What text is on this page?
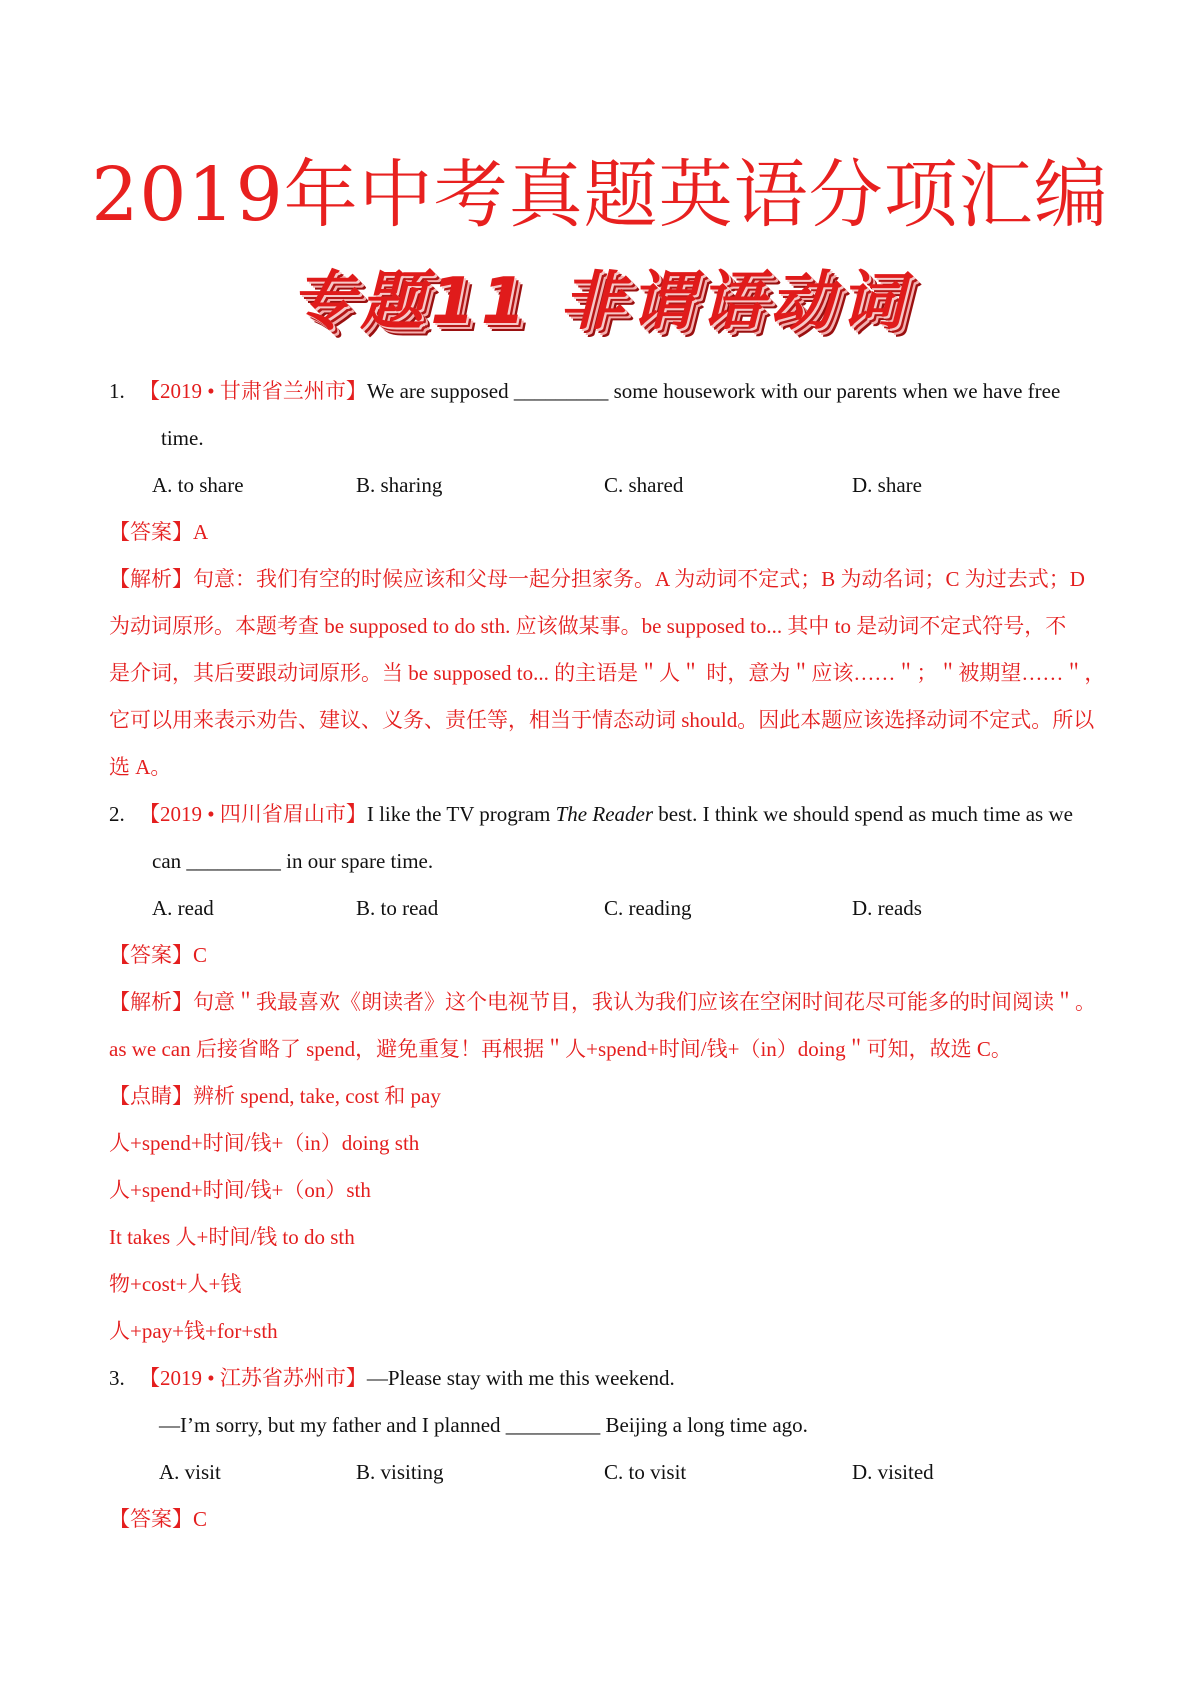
2019年中考真题英语分项汇编
专题11 非谓语动词
1. 【2019 • 甘肃省兰州市】We are supposed _________ some housework with our parents when we have free
time.
A. to share	B. sharing	C. shared	D. share
【答案】A
【解析】句意：我们有空的时候应该和父母一起分担家务。A 为动词不定式；B 为动名词；C 为过去式；D
为动词原形。本题考查 be supposed to do sth. 应该做某事。be supposed to... 其中 to 是动词不定式符号，不
是介词，其后要跟动词原形。当 be supposed to... 的主语是＂人＂ 时，意为＂应该……＂；＂被期望……＂，
它可以用来表示劝告、建议、义务、责任等，相当于情态动词 should。因此本题应该选择动词不定式。所以
选 A。
2. 【2019 • 四川省眉山市】I like the TV program The Reader best. I think we should spend as much time as we
can _________ in our spare time.
A. read	B. to read	C. reading	D. reads
【答案】C
【解析】句意＂我最喜欢《朗读者》这个电视节目，我认为我们应该在空闲时间花尽可能多的时间阅读＂。
as we can 后接省略了 spend，避免重复！再根据＂人+spend+时间/钱+（in）doing＂可知，故选 C。
【点睛】辨析 spend, take, cost 和 pay
人+spend+时间/钱+（in）doing sth
人+spend+时间/钱+（on）sth
It takes 人+时间/钱 to do sth
物+cost+人+钱
人+pay+钱+for+sth
3. 【2019 • 江苏省苏州市】—Please stay with me this weekend.
—I’m sorry, but my father and I planned _________ Beijing a long time ago.
A. visit	B. visiting	C. to visit	D. visited
【答案】C
